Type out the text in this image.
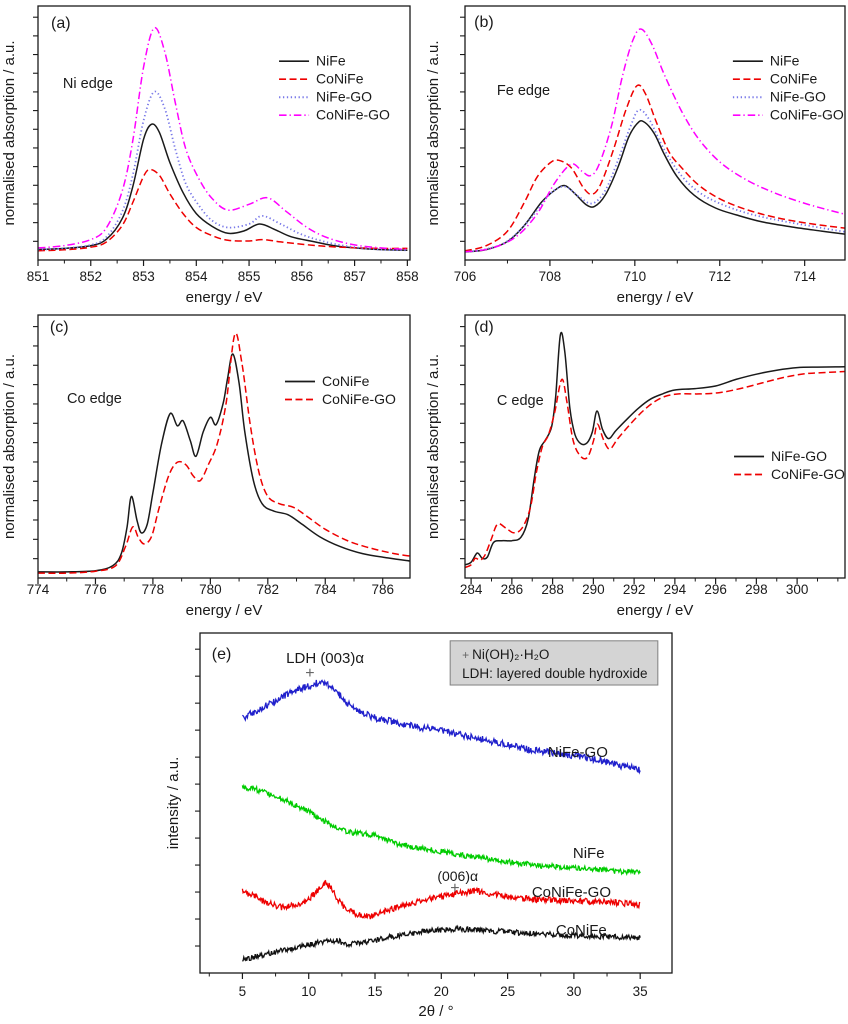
851 852 853 854 855 856 857 858
energy / eV
normalised absorption / a.u.
(a)
Ni edge
NiFe
CoNiFe
NiFe-GO
CoNiFe-GO
706	708	710	712	714
energy / eV
normalised absorption / a.u.
(b)
Fe edge
NiFe
CoNiFe
NiFe-GO
CoNiFe-GO
774	776	778	780	782	784	786
energy / eV
normalised absorption / a.u.
(c)
Co edge
CoNiFe
CoNiFe-GO
284 286 288 290 292 294 296 298 300
energy / eV
normalised absorption / a.u.
(d)
C edge
NiFe-GO
CoNiFe-GO
5	10	15	20	25	30	35
2θ / °
intensity / a.u.
(e)	+ Ni(OH)₂·H₂O
LDH: layered double hydroxide
LDH (003)α
+
(006)α
+
NiFe-GO
NiFe
CoNiFe-GO
CoNiFe
